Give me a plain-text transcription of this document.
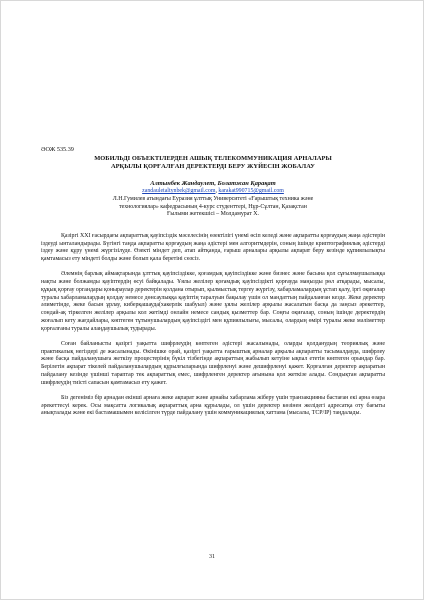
ӘОЖ 535.39
МОБИЛЬДІ ОБЪЕКТІЛЕРДЕН АШЫҚ ТЕЛЕКОММУНИКАЦИЯ АРНАЛАРЫ
АРҚЫЛЫ ҚОРҒАЛҒАН ДЕРЕКТЕРДІ БЕРУ ЖҮЙЕСІН ЖОБАЛАУ
Алтынбек Жандаулет, Болатжан Қарақат
zandauletaltynbek@gmail.com, karakat990715@gmail.com
Л.Н.Гумилев атындағы Еуразия ұлттық Университеті «Ғарыштық техника және
технологиялар» кафедрасының 4-курс студенттері, Нұр-Сұлтан, Қазақстан
Ғылыми жетекшісі – Молдамурат Х.

Қазіргі XXI ғасырдағы ақпараттық қауіпсіздік мәселесінің өзектілігі үнемі өсіп келеді және ақпаратты қорғаудың жаңа әдістерін іздеуді ынталандырады. Бүгінгі таңда ақпаратты қорғаудың жаңа әдістері мен алгоритмдерін, соның ішінде криптографиялық әдістерді іздеу және құру үнемі жүргізілуде. Өзекті міндет деп, атап айтқанда, ғарыш арналары арқылы ақпарат беру кезінде құпиялылықты қамтамасыз ету міндеті болды және болып қала беретіні сөзсіз.

Әлемнің барлық аймақтарында ұлттық қауіпсіздікке, қоғамдық қауіпсіздікке және бизнес және басына қол сұғылмаушылыққа нақты және болжамды қауіптердің өсуі байқалады. Ұялы желілер қоғамдық қауіпсіздікті қорғауда маңызды рөл атқарады, мысалы, құқық қорғау органдары қоныраулар деректерін қолдана отырып, қылмыстық тергеу жүргізу, хабарламалардың ұстап қалу, іргі оқиғалар туралы хабарламалардың қолдау немесе дөнсаулыққа қауіптің таралуын бақылау үшін ол мандаттың пайдаланған кезде. Жеке деректер әлиметінде, жеке басын ұрлау, киберқашауда(хакерлік шабуыл) және ұялы желілер арқылы жасалатын басқа да заңсыз әрекеттер, сондай-ақ тіркелген желілер арқылы кол жетімді онлайн немесе сандық қызметтер бар. Соңғы оқиғалар, соның ішінде деректердің жоғалып кету жағдайлары, көптеген тұтынушылардың қауіпсіздігі мен құпиялылығы, мысалы, олардың өмірі туралы жеке мәліметтер қорғалғаны туралы алаңдаушылық тудырады.

Соған байланысты қазіргі уақытта шифрлеудің көптеген әдістері жасалынады, оларды қолданудың теориялық және практикалық негіздері де жасалынады. Өкінішке орай, қазіргі уақытта ғарыштық арналар арқылы ақпаратты тасымалдауда, шифрлеу және басқа пайдаланушыға жеткізу процестерінің бүкіл тізбегінде ақпараттың жабылып кетуіне ықпал ететін көптеген орындар бар. Берілетін ақпарат тікелей пайдаланушылардың құрылғыларында шифрленуі және дешифрленуі қажет. Қорғалған деректер ақпаратын пайдалану кезінде үшінші тараптар тек ақпараттық емес, шифрленген деректер ағынына қол жеткізе алады. Сондықтан ақпаратты шифрлеудің тиісті сапасын қамтамасыз ету қажет.

Біз дегеніміз бір арнадан екінші арнаға жеке ақпарат және арнайы хабарлама жіберу үшін транзакцияны бастаған екі арна өзара әрекеттесуі керек. Осы мақсатта логикалық ақпараттық арна құрылады, ол үшін деректер көзінен желідегі адресатқа оту бағыты анықталады және екі бастамашымен келісілген түрде пайдалану үшін коммуникациялық хаттама (мысалы, TCP/IP) таңдалады.

31
